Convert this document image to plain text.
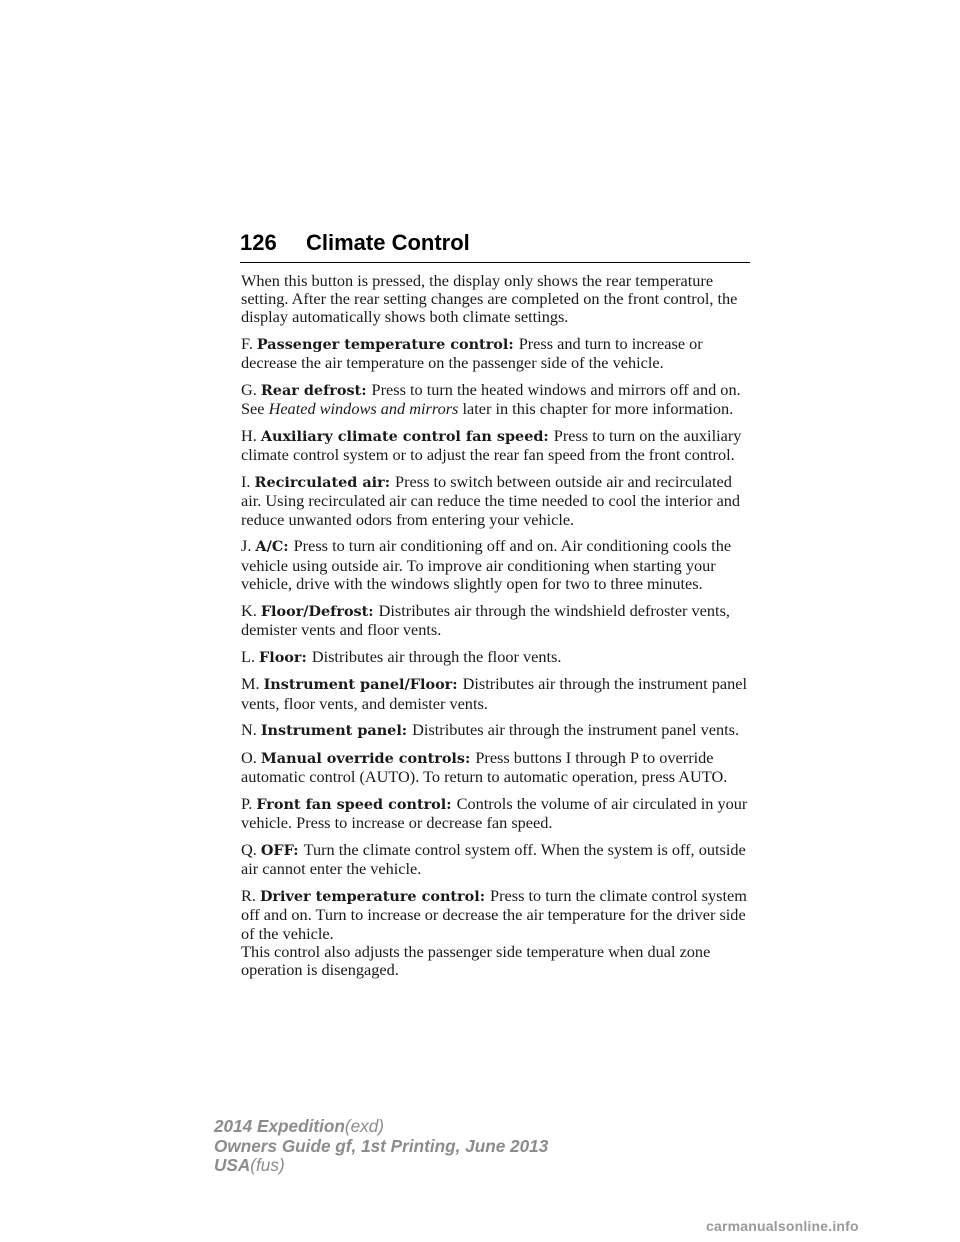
126 Climate Control

When this button is pressed, the display only shows the rear temperature setting. After the rear setting changes are completed on the front control, the display automatically shows both climate settings.

F. Passenger temperature control: Press and turn to increase or decrease the air temperature on the passenger side of the vehicle.

G. Rear defrost: Press to turn the heated windows and mirrors off and on. See Heated windows and mirrors later in this chapter for more information.

H. Auxiliary climate control fan speed: Press to turn on the auxiliary climate control system or to adjust the rear fan speed from the front control.

I. Recirculated air: Press to switch between outside air and recirculated air. Using recirculated air can reduce the time needed to cool the interior and reduce unwanted odors from entering your vehicle.

J. A/C: Press to turn air conditioning off and on. Air conditioning cools the vehicle using outside air. To improve air conditioning when starting your vehicle, drive with the windows slightly open for two to three minutes.

K. Floor/Defrost: Distributes air through the windshield defroster vents, demister vents and floor vents.

L. Floor: Distributes air through the floor vents.

M. Instrument panel/Floor: Distributes air through the instrument panel vents, floor vents, and demister vents.

N. Instrument panel: Distributes air through the instrument panel vents.

O. Manual override controls: Press buttons I through P to override automatic control (AUTO). To return to automatic operation, press AUTO.

P. Front fan speed control: Controls the volume of air circulated in your vehicle. Press to increase or decrease fan speed.

Q. OFF: Turn the climate control system off. When the system is off, outside air cannot enter the vehicle.

R. Driver temperature control: Press to turn the climate control system off and on. Turn to increase or decrease the air temperature for the driver side of the vehicle.

This control also adjusts the passenger side temperature when dual zone operation is disengaged.

2014 Expedition(exd)
Owners Guide gf, 1st Printing, June 2013
USA(fus)
carmanualsonline.info
